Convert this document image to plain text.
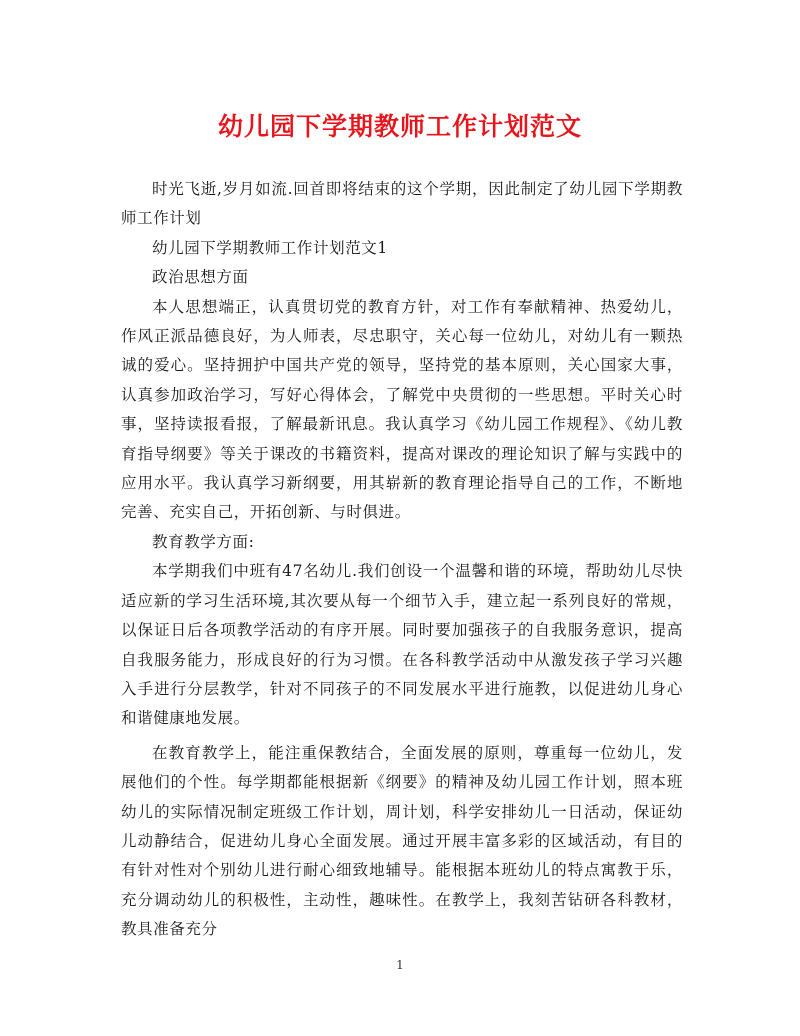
幼儿园下学期教师工作计划范文

时光飞逝,岁月如流.回首即将结束的这个学期，因此制定了幼儿园下学期教师工作计划

幼儿园下学期教师工作计划范文1

政治思想方面

本人思想端正，认真贯切党的教育方针，对工作有奉献精神、热爱幼儿，作风正派品德良好，为人师表，尽忠职守，关心每一位幼儿，对幼儿有一颗热诚的爱心。坚持拥护中国共产党的领导，坚持党的基本原则，关心国家大事，认真参加政治学习，写好心得体会，了解党中央贯彻的一些思想。平时关心时事，坚持读报看报，了解最新讯息。我认真学习《幼儿园工作规程》、《幼儿教育指导纲要》等关于课改的书籍资料，提高对课改的理论知识了解与实践中的应用水平。我认真学习新纲要，用其崭新的教育理论指导自己的工作，不断地完善、充实自己，开拓创新、与时俱进。

教育教学方面:

本学期我们中班有47名幼儿.我们创设一个温馨和谐的环境，帮助幼儿尽快适应新的学习生活环境,其次要从每一个细节入手，建立起一系列良好的常规，以保证日后各项教学活动的有序开展。同时要加强孩子的自我服务意识，提高自我服务能力，形成良好的行为习惯。在各科教学活动中从激发孩子学习兴趣入手进行分层教学，针对不同孩子的不同发展水平进行施教，以促进幼儿身心和谐健康地发展。

在教育教学上，能注重保教结合，全面发展的原则，尊重每一位幼儿，发展他们的个性。每学期都能根据新《纲要》的精神及幼儿园工作计划，照本班幼儿的实际情况制定班级工作计划，周计划，科学安排幼儿一日活动，保证幼儿动静结合，促进幼儿身心全面发展。通过开展丰富多彩的区域活动，有目的有针对性对个别幼儿进行耐心细致地辅导。能根据本班幼儿的特点寓教于乐，充分调动幼儿的积极性，主动性，趣味性。在教学上，我刻苦钻研各科教材，教具准备充分

1
